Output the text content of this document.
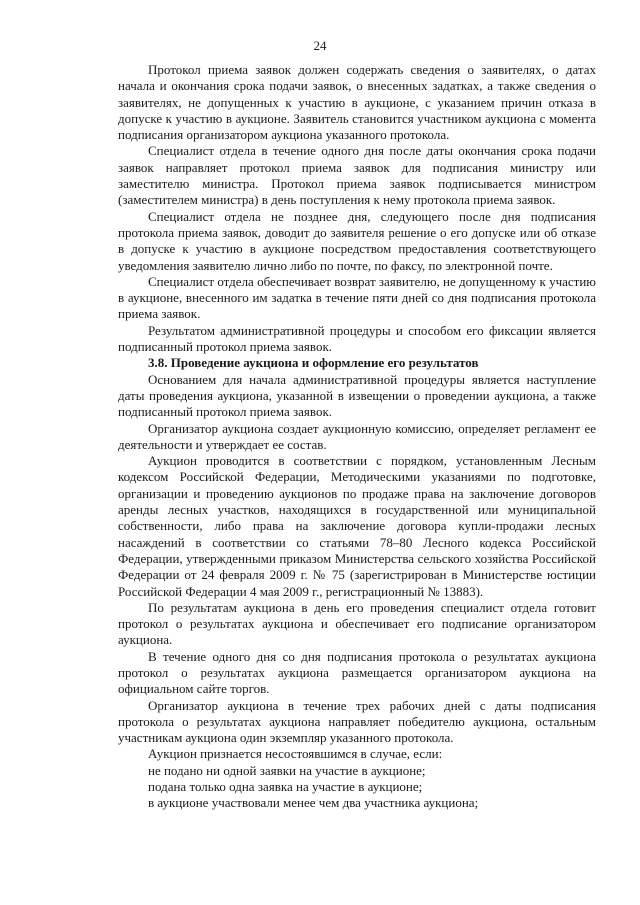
24

Протокол приема заявок должен содержать сведения о заявителях, о датах начала и окончания срока подачи заявок, о внесенных задатках, а также сведения о заявителях, не допущенных к участию в аукционе, с указанием причин отказа в допуске к участию в аукционе. Заявитель становится участником аукциона с момента подписания организатором аукциона указанного протокола.

Специалист отдела в течение одного дня после даты окончания срока подачи заявок направляет протокол приема заявок для подписания министру или заместителю министра. Протокол приема заявок подписывается министром (заместителем министра) в день поступления к нему протокола приема заявок.

Специалист отдела не позднее дня, следующего после дня подписания протокола приема заявок, доводит до заявителя решение о его допуске или об отказе в допуске к участию в аукционе посредством предоставления соответствующего уведомления заявителю лично либо по почте, по факсу, по электронной почте.

Специалист отдела обеспечивает возврат заявителю, не допущенному к участию в аукционе, внесенного им задатка в течение пяти дней со дня подписания протокола приема заявок.

Результатом административной процедуры и способом его фиксации является подписанный протокол приема заявок.

3.8. Проведение аукциона и оформление его результатов

Основанием для начала административной процедуры является наступление даты проведения аукциона, указанной в извещении о проведении аукциона, а также подписанный протокол приема заявок.

Организатор аукциона создает аукционную комиссию, определяет регламент ее деятельности и утверждает ее состав.

Аукцион проводится в соответствии с порядком, установленным Лесным кодексом Российской Федерации, Методическими указаниями по подготовке, организации и проведению аукционов по продаже права на заключение договоров аренды лесных участков, находящихся в государственной или муниципальной собственности, либо права на заключение договора купли-продажи лесных насаждений в соответствии со статьями 78–80 Лесного кодекса Российской Федерации, утвержденными приказом Министерства сельского хозяйства Российской Федерации от 24 февраля 2009 г. № 75 (зарегистрирован в Министерстве юстиции Российской Федерации 4 мая 2009 г., регистрационный № 13883).

По результатам аукциона в день его проведения специалист отдела готовит протокол о результатах аукциона и обеспечивает его подписание организатором аукциона.

В течение одного дня со дня подписания протокола о результатах аукциона протокол о результатах аукциона размещается организатором аукциона на официальном сайте торгов.

Организатор аукциона в течение трех рабочих дней с даты подписания протокола о результатах аукциона направляет победителю аукциона, остальным участникам аукциона один экземпляр указанного протокола.

Аукцион признается несостоявшимся в случае, если:

не подано ни одной заявки на участие в аукционе;

подана только одна заявка на участие в аукционе;

в аукционе участвовали менее чем два участника аукциона;
